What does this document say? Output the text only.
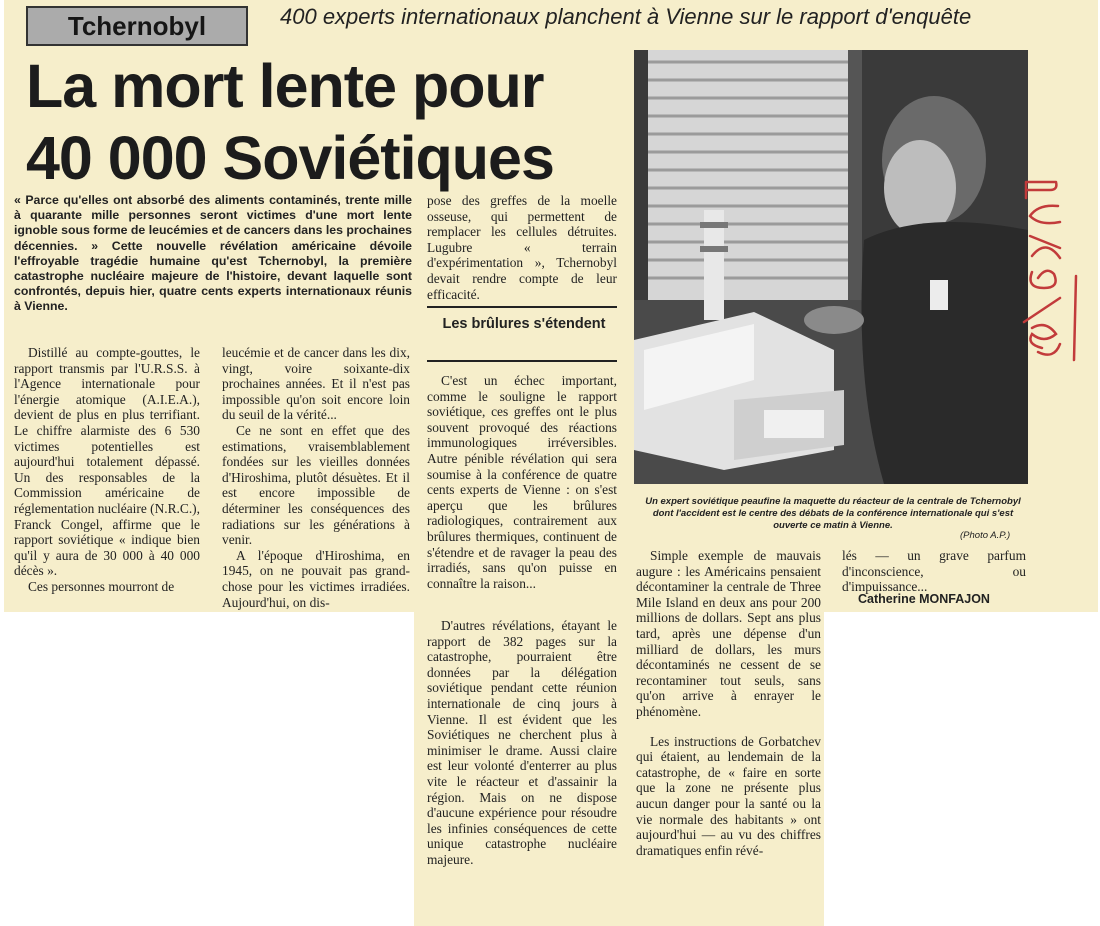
Tchernobyl	400 experts internationaux planchent à Vienne sur le rapport d'enquête
La mort lente pour
40 000 Soviétiques

« Parce qu'elles ont absorbé des aliments contaminés, trente mille à quarante mille personnes seront victimes d'une mort lente ignoble sous forme de leucémies et de cancers dans les prochaines décennies. » Cette nouvelle révélation américaine dévoile l'effroyable tragédie humaine qu'est Tchernobyl, la première catastrophe nucléaire majeure de l'histoire, devant laquelle sont confrontés, depuis hier, quatre cents experts internationaux réunis à Vienne.

Distillé au compte-gouttes, le rapport transmis par l'U.R.S.S. à l'Agence internationale pour l'énergie atomique (A.I.E.A.), devient de plus en plus terrifiant. Le chiffre alarmiste des 6 530 victimes potentielles est aujourd'hui totalement dépassé. Un des responsables de la Commission américaine de réglementation nucléaire (N.R.C.), Franck Congel, affirme que le rapport soviétique « indique bien qu'il y aura de 30 000 à 40 000 décès ».

Ces personnes mourront de

leucémie et de cancer dans les dix, vingt, voire soixante-dix prochaines années. Et il n'est pas impossible qu'on soit encore loin du seuil de la vérité...

Ce ne sont en effet que des estimations, vraisemblablement fondées sur les vieilles données d'Hiroshima, plutôt désuètes. Et il est encore impossible de déterminer les conséquences des radiations sur les générations à venir.

A l'époque d'Hiroshima, en 1945, on ne pouvait pas grand-chose pour les victimes irradiées. Aujourd'hui, on dis-

pose des greffes de la moelle osseuse, qui permettent de remplacer les cellules détruites. Lugubre « terrain d'expérimentation », Tchernobyl devait rendre compte de leur efficacité.

Les brûlures s'étendent

C'est un échec important, comme le souligne le rapport soviétique, ces greffes ont le plus souvent provoqué des réactions immunologiques irréversibles. Autre pénible révélation qui sera soumise à la conférence de quatre cents experts de Vienne : on s'est aperçu que les brûlures radiologiques, contrairement aux brûlures thermiques, continuent de s'étendre et de ravager la peau des irradiés, sans qu'on puisse en connaître la raison...

D'autres révélations, étayant le rapport de 382 pages sur la catastrophe, pourraient être données par la délégation soviétique pendant cette réunion internationale de cinq jours à Vienne. Il est évident que les Soviétiques ne cherchent plus à minimiser le drame. Aussi claire est leur volonté d'enterrer au plus vite le réacteur et d'assainir la région. Mais on ne dispose d'aucune expérience pour résoudre les infinies conséquences de cette unique catastrophe nucléaire majeure.

Un expert soviétique peaufine la maquette du réacteur de la centrale de Tchernobyl dont l'accident est le centre des débats de la conférence internationale qui s'est ouverte ce matin à Vienne.

(Photo A.P.)

Simple exemple de mauvais augure : les Américains pensaient décontaminer la centrale de Three Mile Island en deux ans pour 200 millions de dollars. Sept ans plus tard, après une dépense d'un milliard de dollars, les murs décontaminés ne cessent de se recontaminer tout seuls, sans qu'on arrive à enrayer le phénomène.

Les instructions de Gorbatchev qui étaient, au lendemain de la catastrophe, de « faire en sorte que la zone ne présente plus aucun danger pour la santé ou la vie normale des habitants » ont aujourd'hui — au vu des chiffres dramatiques enfin révé-

lés — un grave parfum d'inconscience, ou d'impuissance...

Catherine MONFAJON
